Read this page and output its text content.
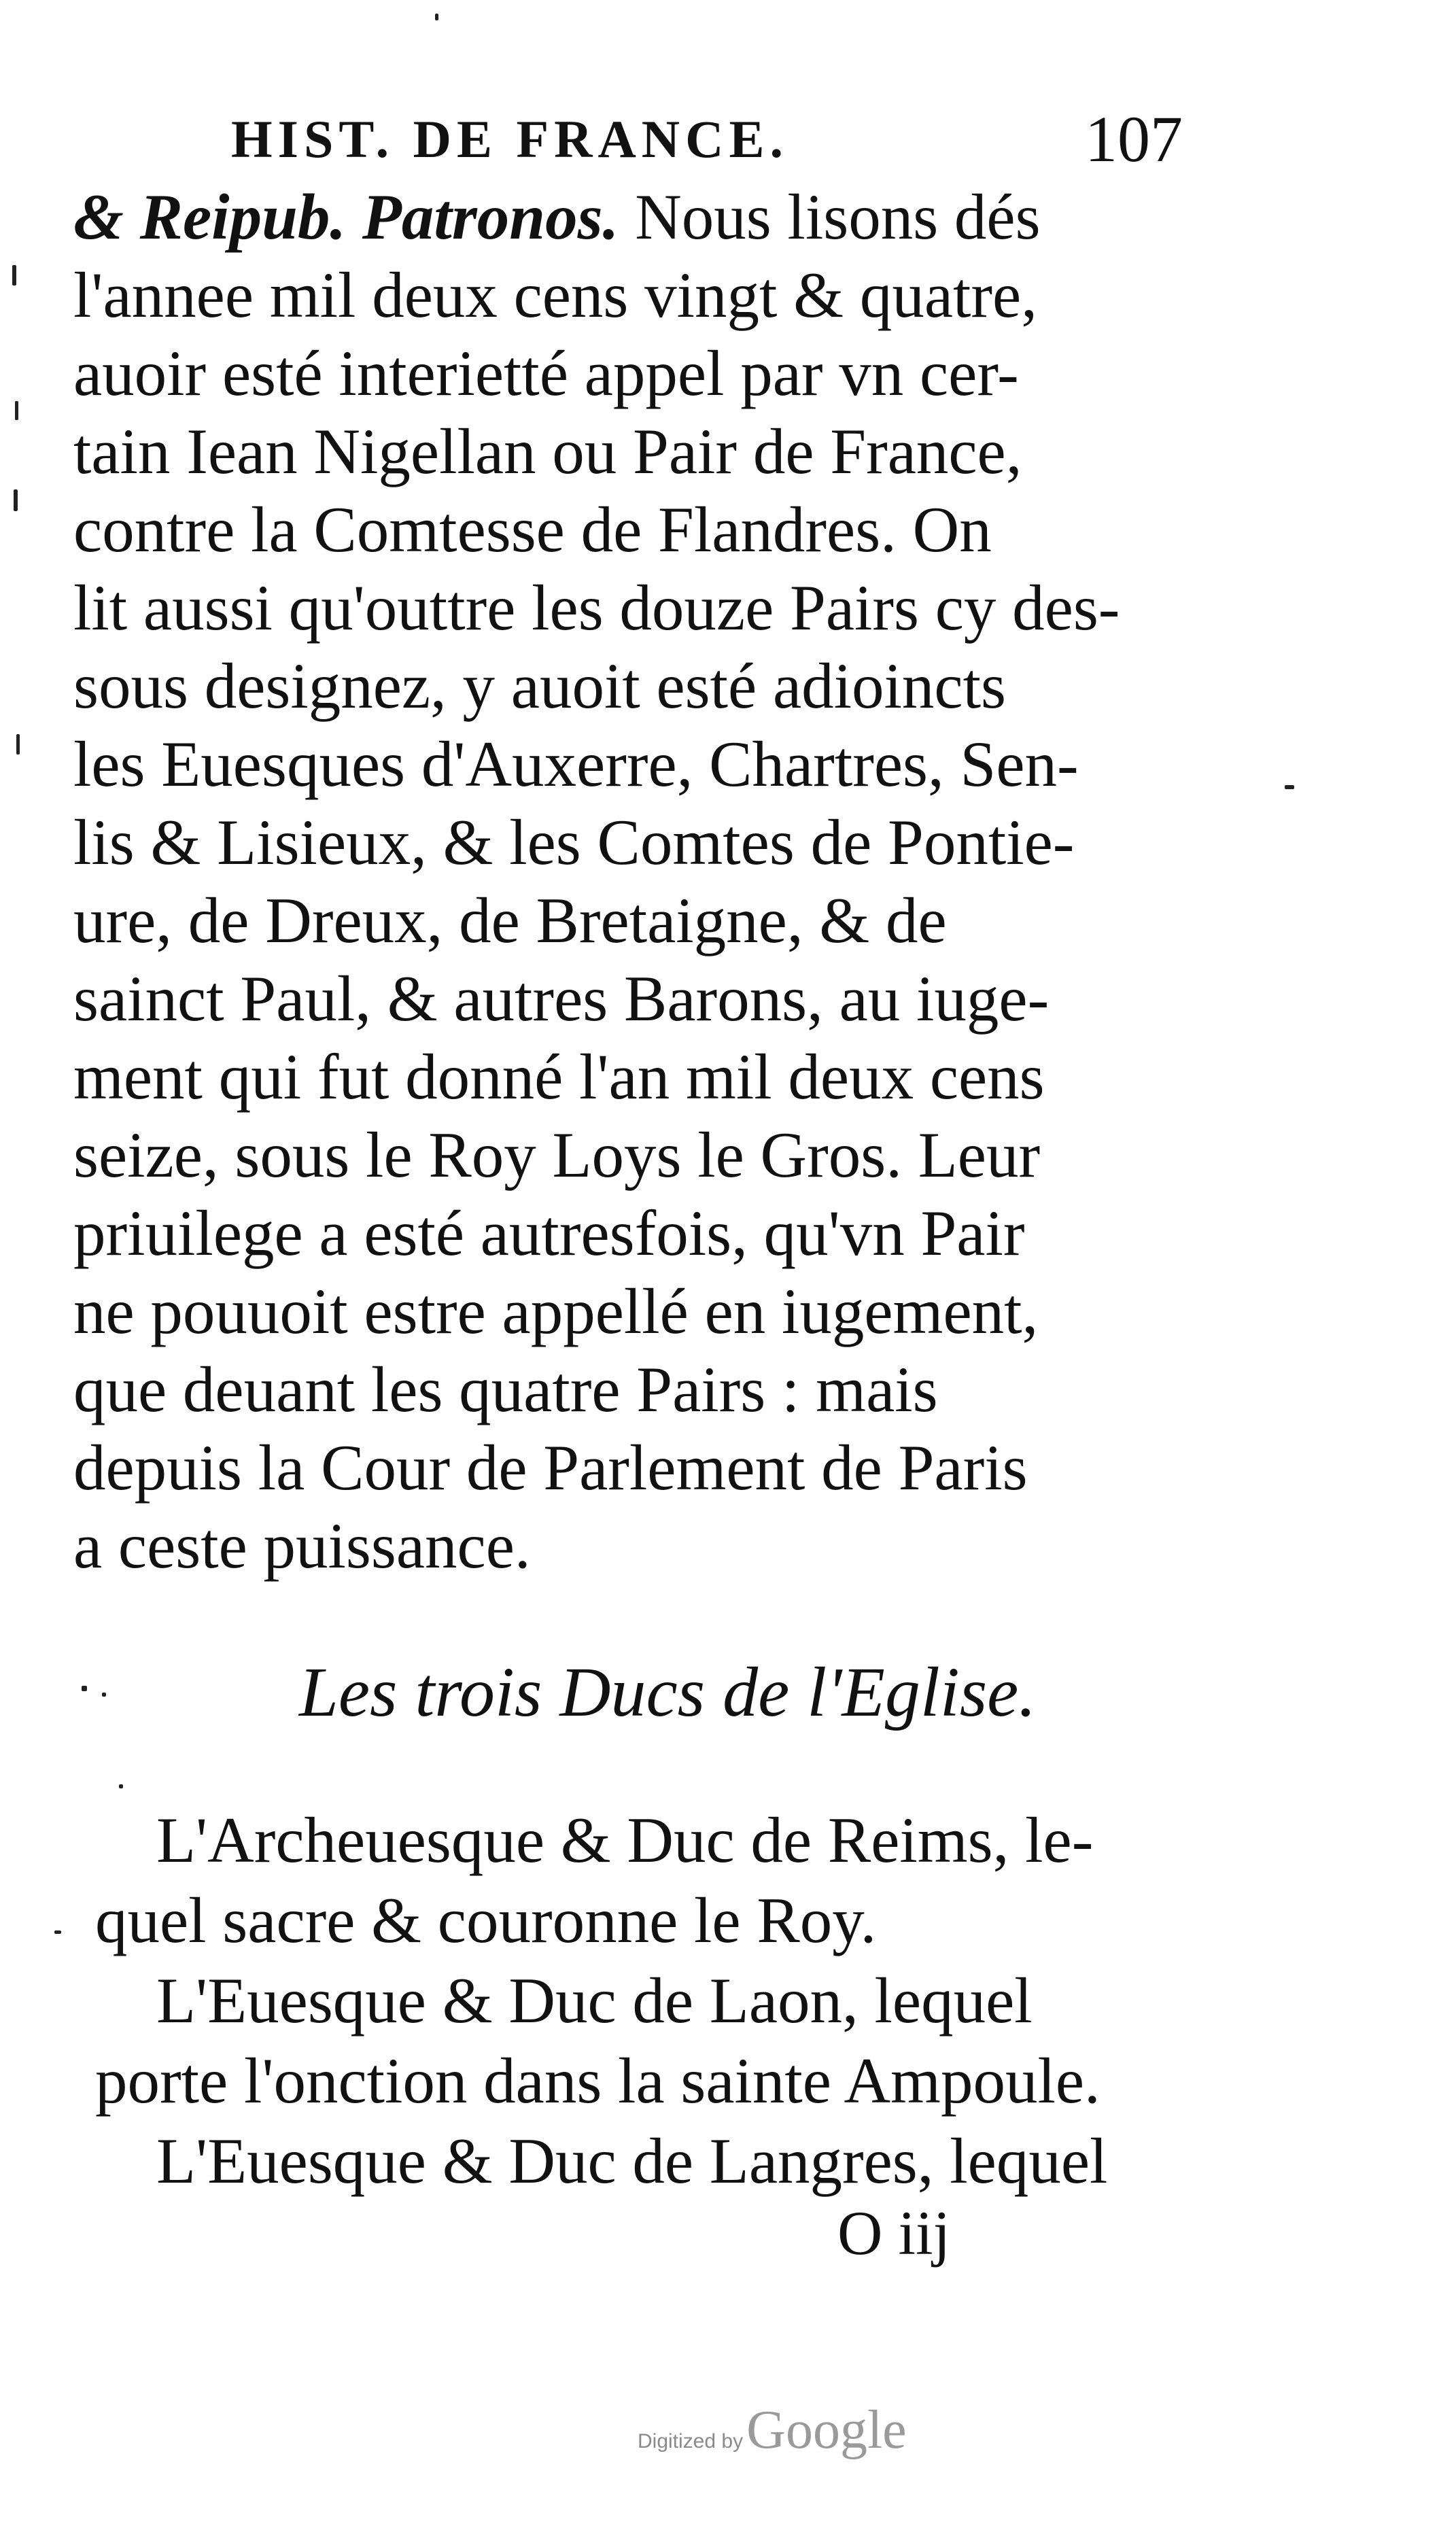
HIST. DE FRANCE.	107
& Reipub. Patronos. Nous lisons dés
l'annee mil deux cens vingt & quatre,
auoir esté interietté appel par vn cer-
tain Iean Nigellan ou Pair de France,
contre la Comtesse de Flandres. On
lit aussi qu'outtre les douze Pairs cy des-
sous designez, y auoit esté adioincts
les Euesques d'Auxerre, Chartres, Sen-
lis & Lisieux, & les Comtes de Pontie-
ure, de Dreux, de Bretaigne, & de
sainct Paul, & autres Barons, au iuge-
ment qui fut donné l'an mil deux cens
seize, sous le Roy Loys le Gros. Leur
priuilege a esté autresfois, qu'vn Pair
ne pouuoit estre appellé en iugement,
que deuant les quatre Pairs : mais
depuis la Cour de Parlement de Paris
a ceste puissance.
Les trois Ducs de l'Eglise.
L'Archeuesque & Duc de Reims, le-
quel sacre & couronne le Roy.
L'Euesque & Duc de Laon, lequel
porte l'onction dans la sainte Ampoule.
L'Euesque & Duc de Langres, lequel
O iij
Digitized by Google
